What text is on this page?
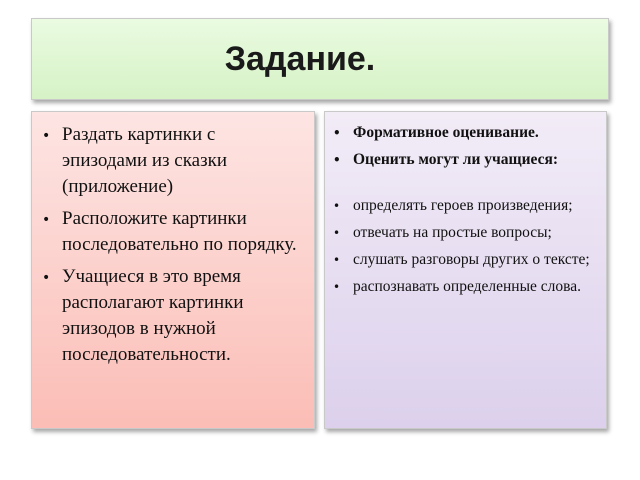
Задание.
• Раздать картинки с эпизодами из сказки (приложение)
• Расположите картинки последовательно по порядку.
• Учащиеся в это время располагают картинки эпизодов в нужной последовательности.
• Формативное оценивание.
• Оценить могут ли учащиеся:
• определять героев произведения;
• отвечать на простые вопросы;
• слушать разговоры других о тексте;
• распознавать определенные слова.
